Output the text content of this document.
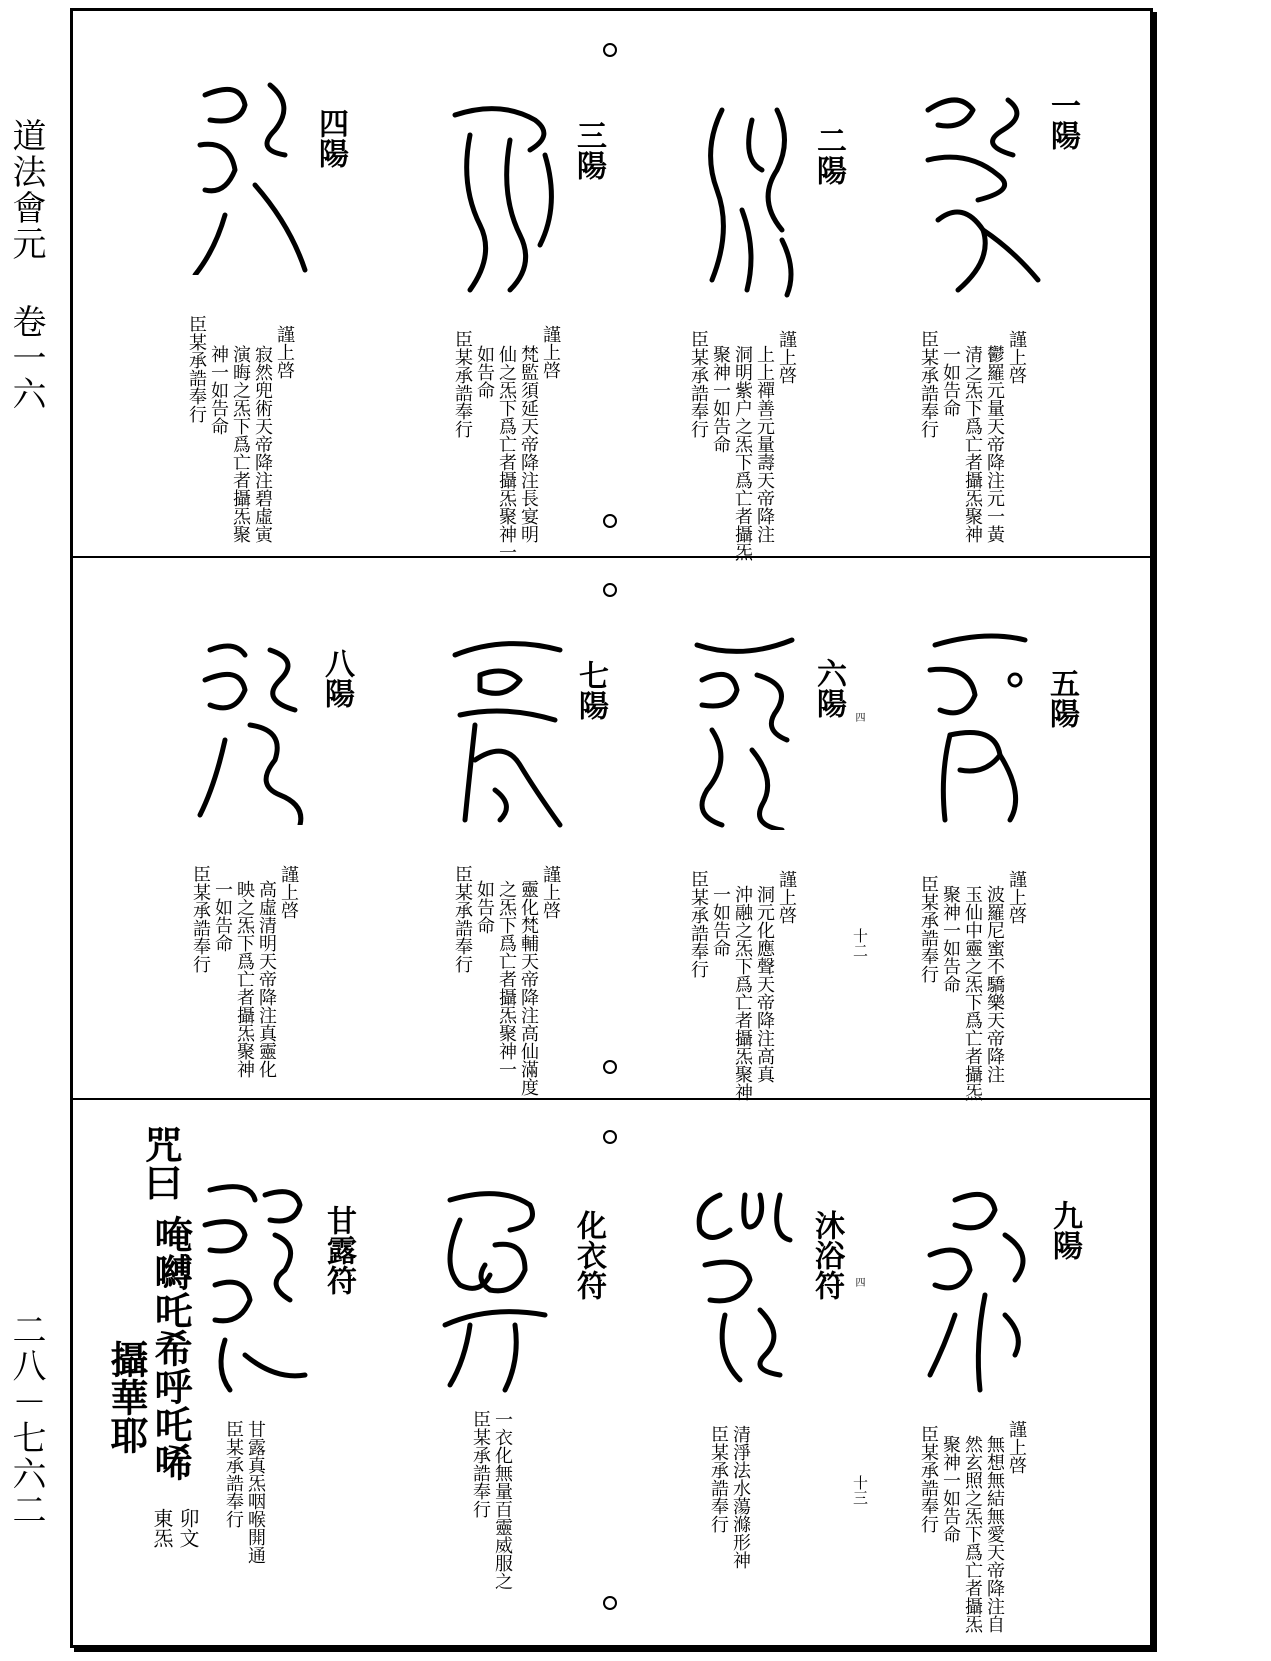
道法會元 卷一六
二八－七六二
一陽
謹上啓
鬱羅元量天帝降注元一黃
清之炁下爲亡者攝炁聚神
一如告命
臣某承誥奉行
二陽
謹上啓
上上禪善元量壽天帝降注
洞明紫户之炁下爲亡者攝炁
聚神一如告命
臣某承誥奉行
三陽
謹上啓
梵監須延天帝降注長宴明
仙之炁下爲亡者攝炁聚神一
如告命
臣某承誥奉行
四陽
謹上啓
寂然兜術天帝降注碧虛寅
演晦之炁下爲亡者攝炁聚
神一如告命
臣某承誥奉行
五陽
謹上啓
波羅尼蜜不驕樂天帝降注
玉仙中靈之炁下爲亡者攝炁
聚神一如告命
臣某承誥奉行
六陽 四
謹上啓
洞元化應聲天帝降注高真
沖融之炁下爲亡者攝炁聚神
一如告命
臣某承誥奉行	十二
七陽
謹上啓
靈化梵輔天帝降注高仙滿度
之炁下爲亡者攝炁聚神一
如告命
臣某承誥奉行
八陽
謹上啓
高虛清明天帝降注真靈化
映之炁下爲亡者攝炁聚神
一如告命
臣某承誥奉行
九陽
謹上啓
無想無結無愛天帝降注自
然玄照之炁下爲亡者攝炁
聚神一如告命
臣某承誥奉行
沐浴符 四
清淨法水蕩滌形神
臣某承誥奉行	十三
化衣符
一衣化無量百靈威服之
臣某承誥奉行
甘露符
甘露真炁咽喉開通
臣某承誥奉行
咒曰
唵嚩吒希呼吒唏
攝華耶
卯文
東炁
